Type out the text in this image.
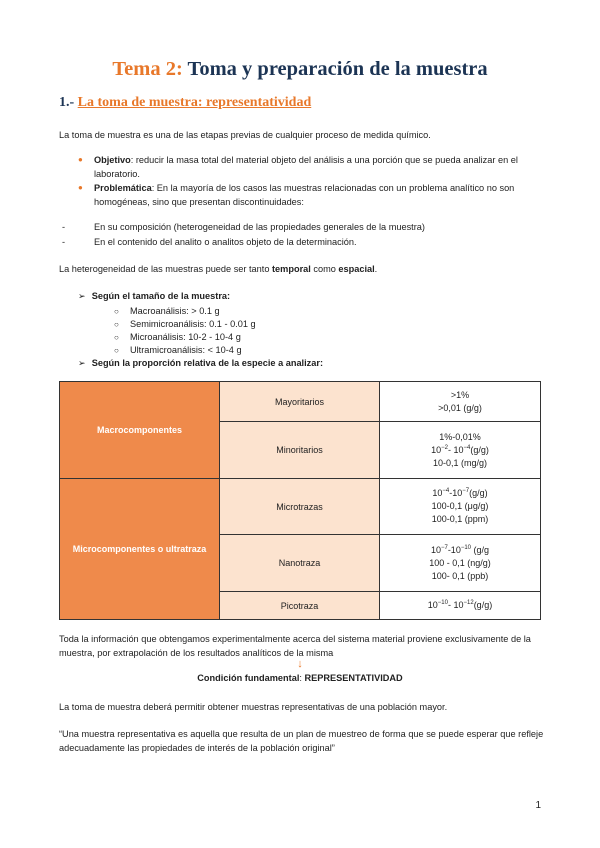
Tema 2: Toma y preparación de la muestra
1.- La toma de muestra: representatividad
La toma de muestra es una de las etapas previas de cualquier proceso de medida químico.
● Objetivo: reducir la masa total del material objeto del análisis a una porción que se pueda analizar en el laboratorio.
● Problemática: En la mayoría de los casos las muestras relacionadas con un problema analítico no son homogéneas, sino que presentan discontinuidades:
-	En su composición (heterogeneidad de las propiedades generales de la muestra)
-	En el contenido del analito o analitos objeto de la determinación.
La heterogeneidad de las muestras puede ser tanto temporal como espacial.
➢ Según el tamaño de la muestra:
○ Macroanálisis: > 0.1 g
○ Semimicroanálisis: 0.1 - 0.01 g
○ Microanálisis: 10-2 - 10-4 g
○ Ultramicroanálisis: < 10-4 g
➢ Según la proporción relativa de la especie a analizar:
Macrocomponentes	Mayoritarios	>1%
>0,01 (g/g)

	Minoritarios	1%-0,01%
$10^{-2}-$ $10^{-4}(g/g)$
10-0,1 (mg/g)

Microcomponentes o ultratraza	Microtrazas	$10^{-4}-10^{-7}(g/g)$
100-0,1 (μg/g)
100-0,1 (ppm)

	Nanotraza	$10^{-7}-10^{-10}$ (g/g
100 - 0,1 (ng/g)
100- 0,1 (ppb)

	Picotraza	$10^{-10}-$ $10^{-12}(g/g)$
Toda la información que obtengamos experimentalmente acerca del sistema material proviene exclusivamente de la muestra, por extrapolación de los resultados analíticos de la misma
↓
Condición fundamental: REPRESENTATIVIDAD
La toma de muestra deberá permitir obtener muestras representativas de una población mayor.
“Una muestra representativa es aquella que resulta de un plan de muestreo de forma que se puede esperar que refleje adecuadamente las propiedades de interés de la población original”
1
